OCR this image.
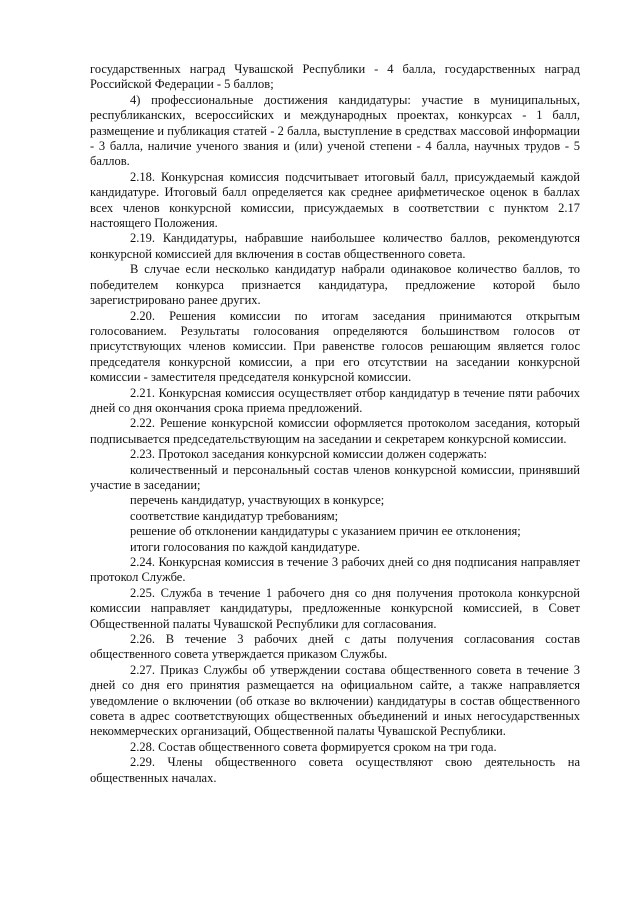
государственных наград Чувашской Республики - 4 балла, государственных наград Российской Федерации - 5 баллов;

4) профессиональные достижения кандидатуры: участие в муниципальных, республиканских, всероссийских и международных проектах, конкурсах - 1 балл, размещение и публикация статей - 2 балла, выступление в средствах массовой информации - 3 балла, наличие ученого звания и (или) ученой степени - 4 балла, научных трудов - 5 баллов.

2.18. Конкурсная комиссия подсчитывает итоговый балл, присуждаемый каждой кандидатуре. Итоговый балл определяется как среднее арифметическое оценок в баллах всех членов конкурсной комиссии, присуждаемых в соответствии с пунктом 2.17 настоящего Положения.

2.19. Кандидатуры, набравшие наибольшее количество баллов, рекомендуются конкурсной комиссией для включения в состав общественного совета.

В случае если несколько кандидатур набрали одинаковое количество баллов, то победителем конкурса признается кандидатура, предложение которой было зарегистрировано ранее других.

2.20. Решения комиссии по итогам заседания принимаются открытым голосованием. Результаты голосования определяются большинством голосов от присутствующих членов комиссии. При равенстве голосов решающим является голос председателя конкурсной комиссии, а при его отсутствии на заседании конкурсной комиссии - заместителя председателя конкурсной комиссии.

2.21. Конкурсная комиссия осуществляет отбор кандидатур в течение пяти рабочих дней со дня окончания срока приема предложений.

2.22. Решение конкурсной комиссии оформляется протоколом заседания, который подписывается председательствующим на заседании и секретарем конкурсной комиссии.

2.23. Протокол заседания конкурсной комиссии должен содержать:

количественный и персональный состав членов конкурсной комиссии, принявший участие в заседании;

перечень кандидатур, участвующих в конкурсе;

соответствие кандидатур требованиям;

решение об отклонении кандидатуры с указанием причин ее отклонения;

итоги голосования по каждой кандидатуре.

2.24. Конкурсная комиссия в течение 3 рабочих дней со дня подписания направляет протокол Службе.

2.25. Служба в течение 1 рабочего дня со дня получения протокола конкурсной комиссии направляет кандидатуры, предложенные конкурсной комиссией, в Совет Общественной палаты Чувашской Республики для согласования.

2.26. В течение 3 рабочих дней с даты получения согласования состав общественного совета утверждается приказом Службы.

2.27. Приказ Службы об утверждении состава общественного совета в течение 3 дней со дня его принятия размещается на официальном сайте, а также направляется уведомление о включении (об отказе во включении) кандидатуры в состав общественного совета в адрес соответствующих общественных объединений и иных негосударственных некоммерческих организаций, Общественной палаты Чувашской Республики.

2.28. Состав общественного совета формируется сроком на три года.

2.29. Члены общественного совета осуществляют свою деятельность на общественных началах.
